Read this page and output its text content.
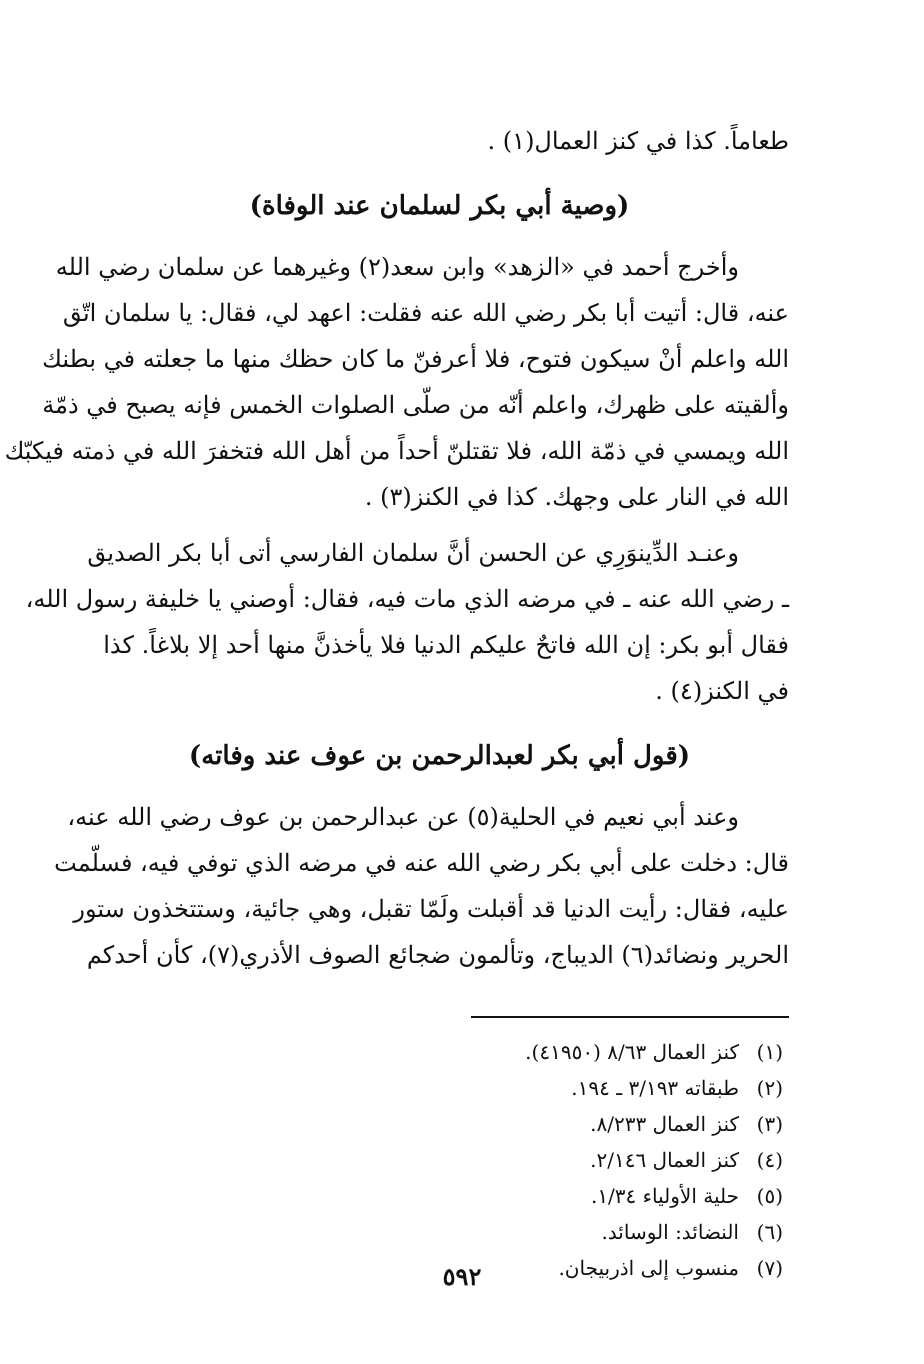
طعاماً. كذا في كنز العمال(١) .
(وصية أبي بكر لسلمان عند الوفاة)
وأخرج أحمد في «الزهد» وابن سعد(٢) وغيرهما عن سلمان رضي الله
عنه، قال: أتيت أبا بكر رضي الله عنه فقلت: اعهد لي، فقال: يا سلمان اتّق
الله واعلم أنْ سيكون فتوح، فلا أعرفنّ ما كان حظك منها ما جعلته في بطنك
وألقيته على ظهرك، واعلم أنّه من صلّى الصلوات الخمس فإنه يصبح في ذمّة
الله ويمسي في ذمّة الله، فلا تقتلنّ أحداً من أهل الله فتخفرَ الله في ذمته فيكبّك
الله في النار على وجهك. كذا في الكنز(٣) .
وعنـد الدِّينوَرِي عن الحسن أنَّ سلمان الفارسي أتى أبا بكر الصديق
ـ رضي الله عنه ـ في مرضه الذي مات فيه، فقال: أوصني يا خليفة رسول الله،
فقال أبو بكر: إن الله فاتحٌ عليكم الدنيا فلا يأخذنَّ منها أحد إلا بلاغاً. كذا
في الكنز(٤) .
(قول أبي بكر لعبدالرحمن بن عوف عند وفاته)
وعند أبي نعيم في الحلية(٥) عن عبدالرحمن بن عوف رضي الله عنه،
قال: دخلت على أبي بكر رضي الله عنه في مرضه الذي توفي فيه، فسلّمت
عليه، فقال: رأيت الدنيا قد أقبلت ولَمّا تقبل، وهي جائية، وستتخذون ستور
الحرير ونضائد(٦) الديباج، وتألمون ضجائع الصوف الأذري(٧)، كأن أحدكم
(١)كنز العمال ٨/٦٣ (٤١٩٥٠).
(٢)طبقاته ٣/١٩٣ ـ ١٩٤.
(٣)كنز العمال ٨/٢٣٣.
(٤)كنز العمال ٢/١٤٦.
(٥)حلية الأولياء ١/٣٤.
(٦)النضائد: الوسائد.
(٧)منسوب إلى اذربيجان.
٥٩٢
